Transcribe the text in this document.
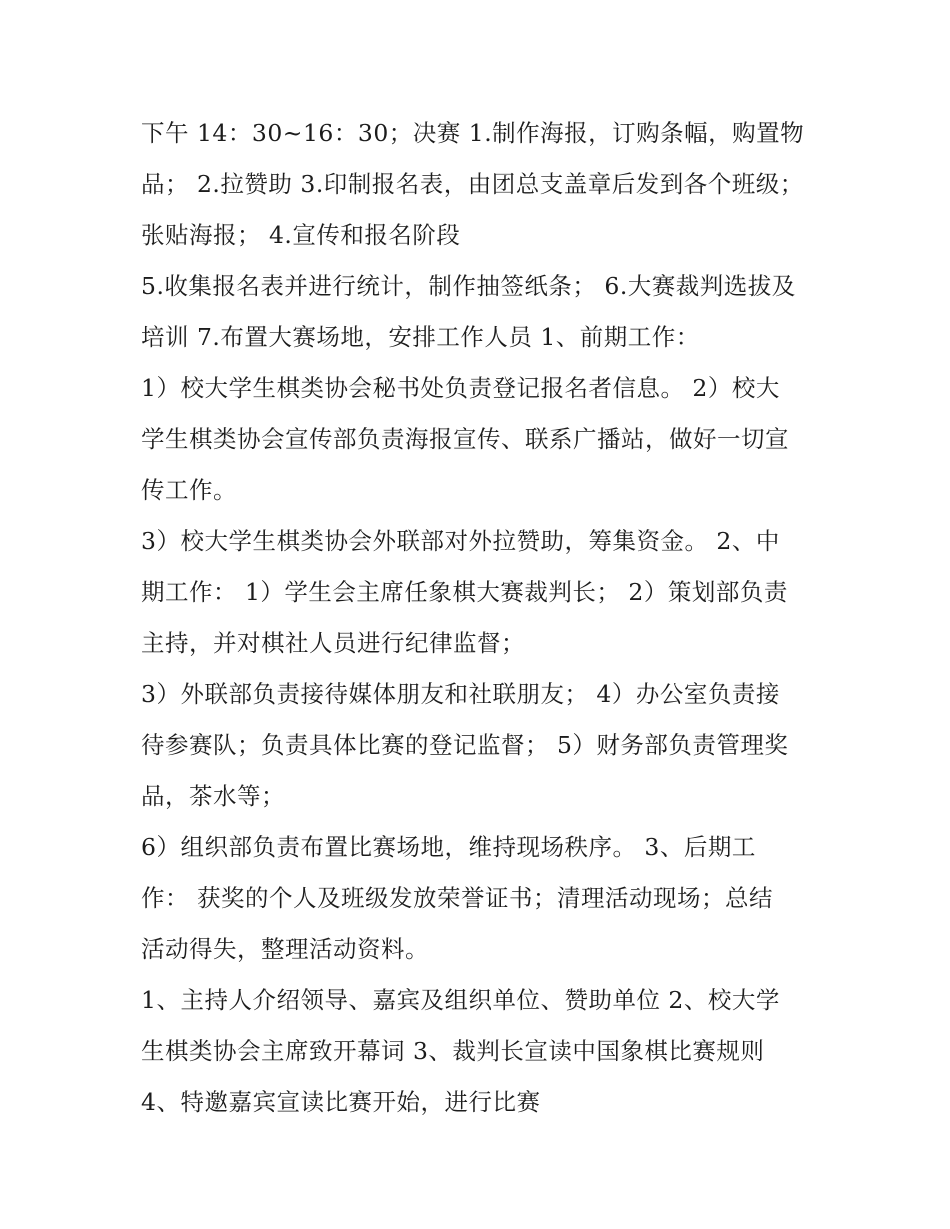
下午 14：30~16：30；决赛 1.制作海报，订购条幅，购置物
品； 2.拉赞助 3.印制报名表，由团总支盖章后发到各个班级；
张贴海报； 4.宣传和报名阶段
5.收集报名表并进行统计，制作抽签纸条； 6.大赛裁判选拔及
培训 7.布置大赛场地，安排工作人员 1、前期工作：
1）校大学生棋类协会秘书处负责登记报名者信息。 2）校大
学生棋类协会宣传部负责海报宣传、联系广播站，做好一切宣
传工作。
3）校大学生棋类协会外联部对外拉赞助，筹集资金。 2、中
期工作： 1）学生会主席任象棋大赛裁判长； 2）策划部负责
主持，并对棋社人员进行纪律监督；
3）外联部负责接待媒体朋友和社联朋友； 4）办公室负责接
待参赛队；负责具体比赛的登记监督； 5）财务部负责管理奖
品，茶水等；
6）组织部负责布置比赛场地，维持现场秩序。 3、后期工
作： 获奖的个人及班级发放荣誉证书；清理活动现场；总结
活动得失，整理活动资料。
1、主持人介绍领导、嘉宾及组织单位、赞助单位 2、校大学
生棋类协会主席致开幕词 3、裁判长宣读中国象棋比赛规则
4、特邀嘉宾宣读比赛开始，进行比赛
